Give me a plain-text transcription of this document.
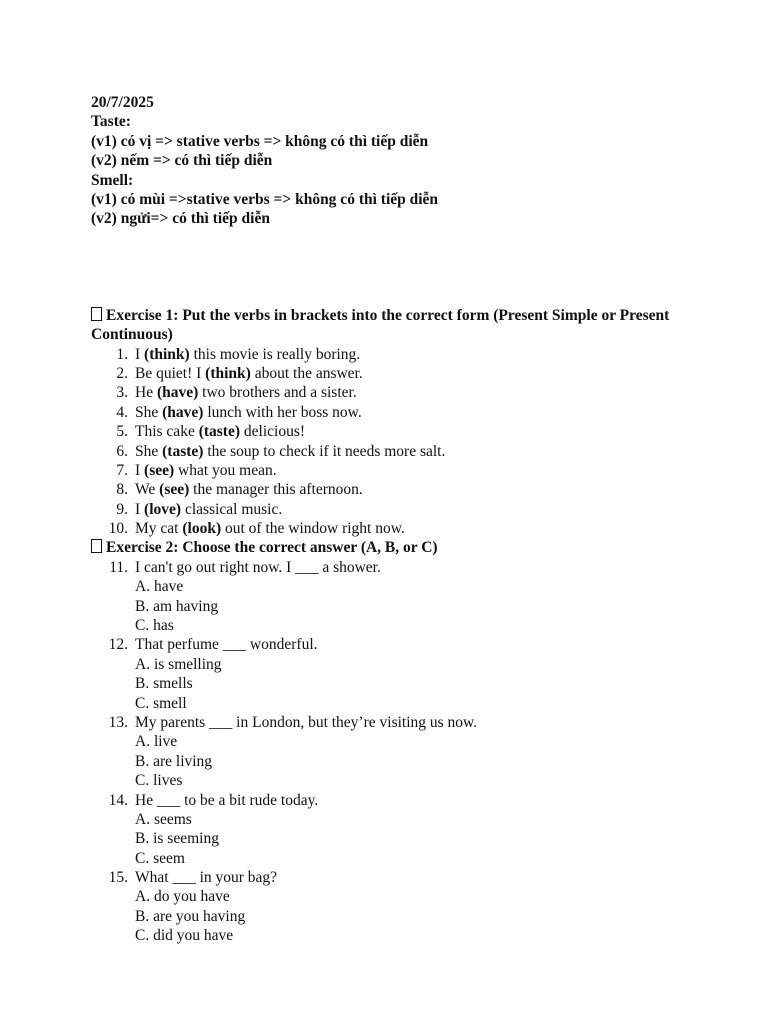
20/7/2025
Taste:
(v1) có vị => stative verbs => không có thì tiếp diễn
(v2) nếm => có thì tiếp diễn
Smell:
(v1) có mùi =>stative verbs => không có thì tiếp diễn
(v2) ngửi=> có thì tiếp diễn
Exercise 1: Put the verbs in brackets into the correct form (Present Simple or Present Continuous)
1. I (think) this movie is really boring.
2. Be quiet! I (think) about the answer.
3. He (have) two brothers and a sister.
4. She (have) lunch with her boss now.
5. This cake (taste) delicious!
6. She (taste) the soup to check if it needs more salt.
7. I (see) what you mean.
8. We (see) the manager this afternoon.
9. I (love) classical music.
10. My cat (look) out of the window right now.
Exercise 2: Choose the correct answer (A, B, or C)
11. I can't go out right now. I ___ a shower.
A. have
B. am having
C. has
12. That perfume ___ wonderful.
A. is smelling
B. smells
C. smell
13. My parents ___ in London, but they’re visiting us now.
A. live
B. are living
C. lives
14. He ___ to be a bit rude today.
A. seems
B. is seeming
C. seem
15. What ___ in your bag?
A. do you have
B. are you having
C. did you have
